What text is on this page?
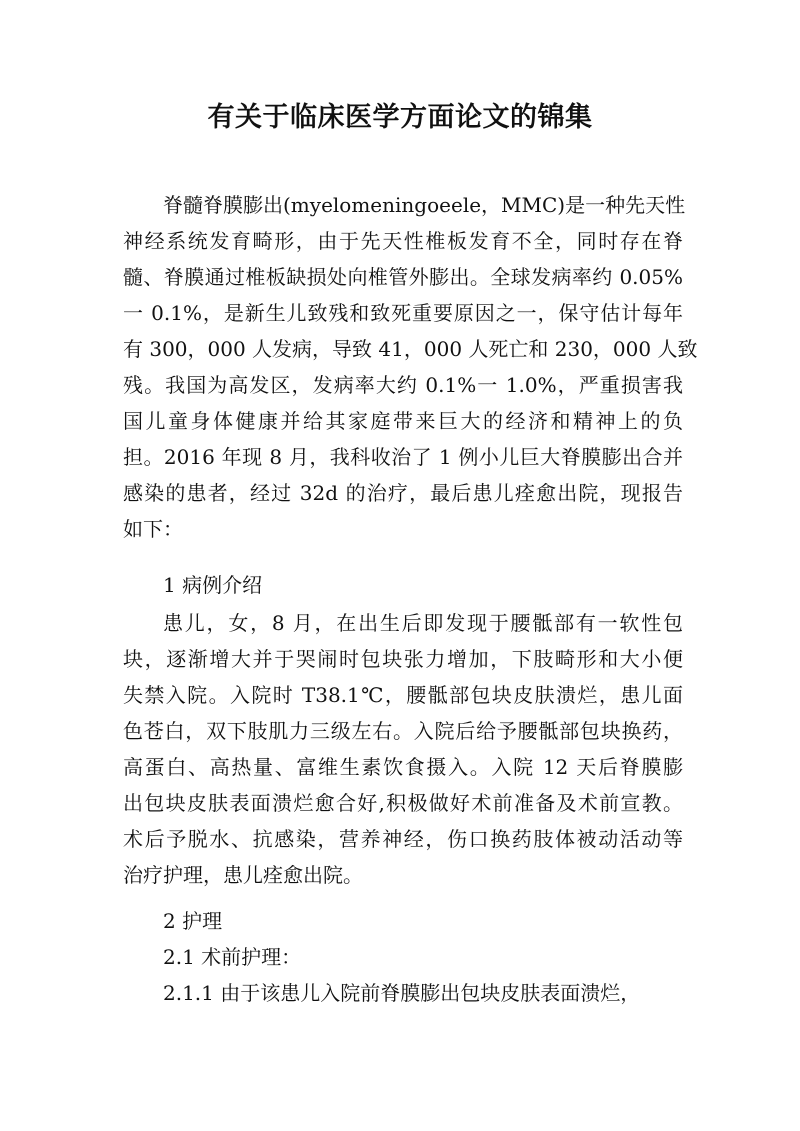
有关于临床医学方面论文的锦集

脊髓脊膜膨出(myelomeningoeele，MMC)是一种先天性

神经系统发育畸形，由于先天性椎板发育不全，同时存在脊

髓、脊膜通过椎板缺损处向椎管外膨出。全球发病率约 0.05%

一 0.1%，是新生儿致残和致死重要原因之一，保守估计每年

有 300，000 人发病，导致 41，000 人死亡和 230，000 人致

残。我国为高发区，发病率大约 0.1%一 1.0%，严重损害我

国儿童身体健康并给其家庭带来巨大的经济和精神上的负

担。2016 年现 8 月，我科收治了 1 例小儿巨大脊膜膨出合并

感染的患者，经过 32d 的治疗，最后患儿痊愈出院，现报告

如下：

1 病例介绍

患儿，女，8 月，在出生后即发现于腰骶部有一软性包

块，逐渐增大并于哭闹时包块张力增加，下肢畸形和大小便

失禁入院。入院时 T38.1℃，腰骶部包块皮肤溃烂，患儿面

色苍白，双下肢肌力三级左右。入院后给予腰骶部包块换药，

高蛋白、高热量、富维生素饮食摄入。入院 12 天后脊膜膨

出包块皮肤表面溃烂愈合好,积极做好术前准备及术前宣教。

术后予脱水、抗感染，营养神经，伤口换药肢体被动活动等

治疗护理，患儿痊愈出院。

2 护理

2.1 术前护理：

2.1.1 由于该患儿入院前脊膜膨出包块皮肤表面溃烂，
